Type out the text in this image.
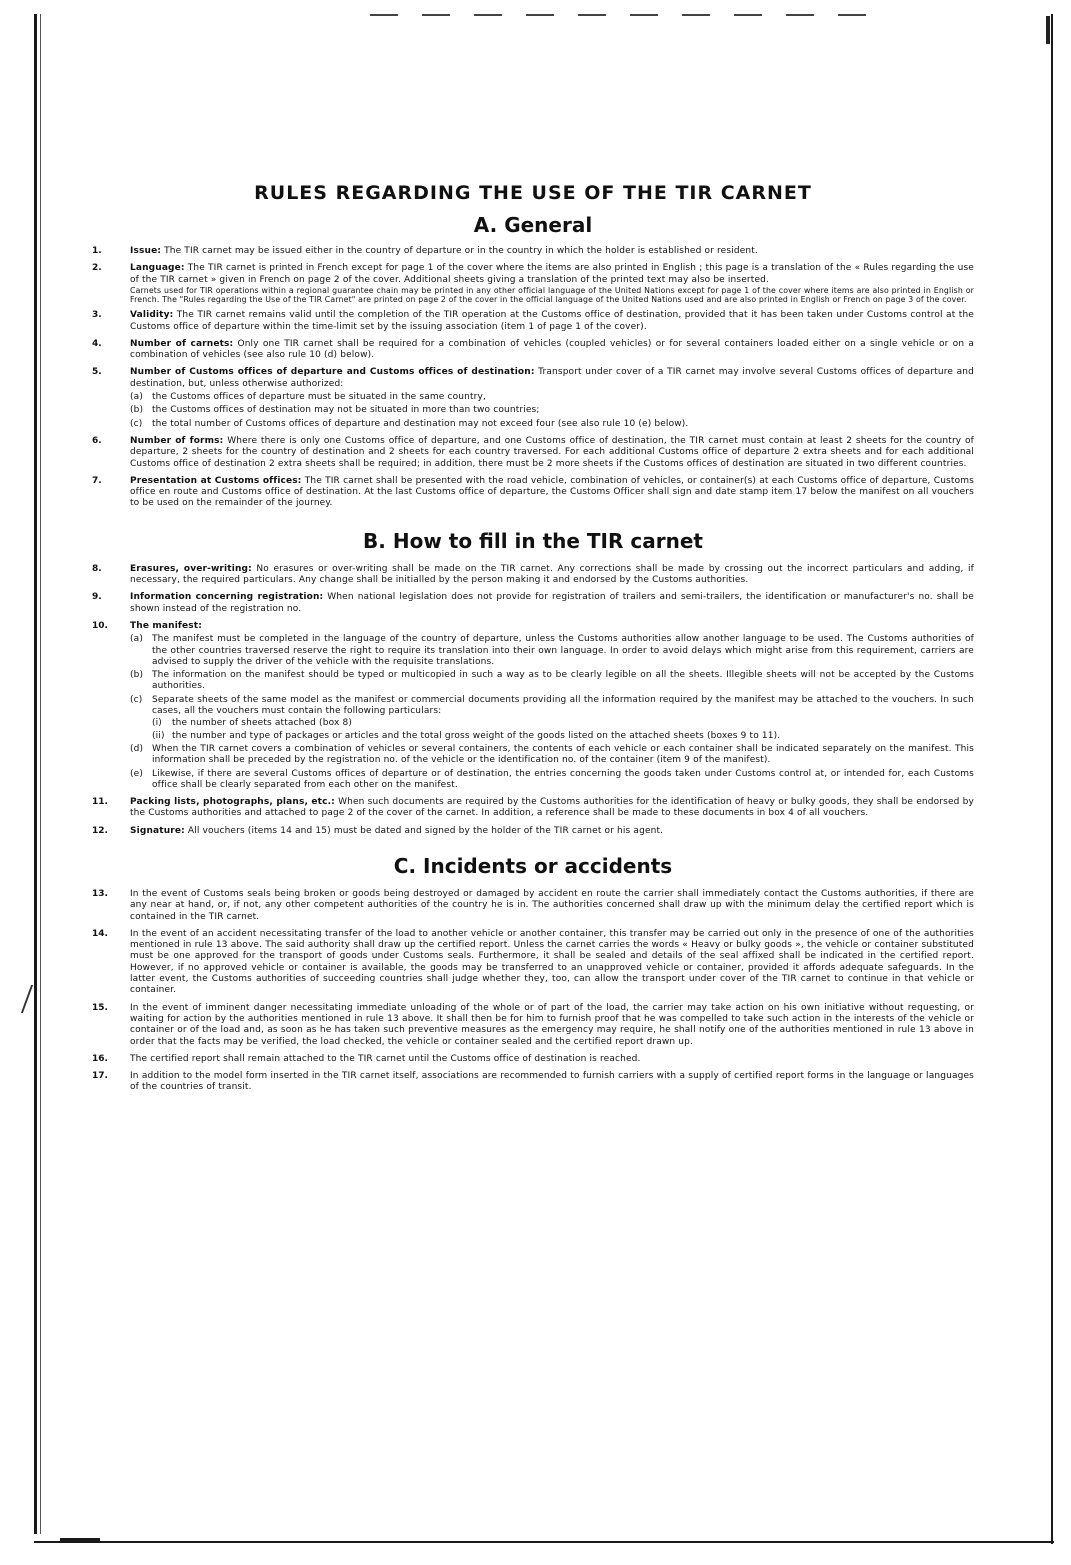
RULES REGARDING THE USE OF THE TIR CARNET
A. General
1.	Issue: The TIR carnet may be issued either in the country of departure or in the country in which the holder is established or resident.
2.	Language: The TIR carnet is printed in French except for page 1 of the cover where the items are also printed in English ; this page is a translation of the « Rules regarding the use of the TIR carnet » given in French on page 2 of the cover. Additional sheets giving a translation of the printed text may also be inserted.
Carnets used for TIR operations within a regional guarantee chain may be printed in any other official language of the United Nations except for page 1 of the cover where items are also printed in English or French. The "Rules regarding the Use of the TIR Carnet" are printed on page 2 of the cover in the official language of the United Nations used and are also printed in English or French on page 3 of the cover.
3.	Validity: The TIR carnet remains valid until the completion of the TIR operation at the Customs office of destination, provided that it has been taken under Customs control at the Customs office of departure within the time-limit set by the issuing association (item 1 of page 1 of the cover).
4.	Number of carnets: Only one TIR carnet shall be required for a combination of vehicles (coupled vehicles) or for several containers loaded either on a single vehicle or on a combination of vehicles (see also rule 10 (d) below).
5.	Number of Customs offices of departure and Customs offices of destination: Transport under cover of a TIR carnet may involve several Customs offices of departure and destination, but, unless otherwise authorized:
(a)	the Customs offices of departure must be situated in the same country,
(b) the Customs offices of destination may not be situated in more than two countries;
(c)	the total number of Customs offices of departure and destination may not exceed four (see also rule 10 (e) below).
6.	Number of forms: Where there is only one Customs office of departure, and one Customs office of destination, the TIR carnet must contain at least 2 sheets for the country of departure, 2 sheets for the country of destination and 2 sheets for each country traversed. For each additional Customs office of departure 2 extra sheets and for each additional Customs office of destination 2 extra sheets shall be required; in addition, there must be 2 more sheets if the Customs offices of destination are situated in two different countries.
7.	Presentation at Customs offices: The TIR carnet shall be presented with the road vehicle, combination of vehicles, or container(s) at each Customs office of departure, Customs office en route and Customs office of destination. At the last Customs office of departure, the Customs Officer shall sign and date stamp item 17 below the manifest on all vouchers to be used on the remainder of the journey.
B. How to fill in the TIR carnet
8.	Erasures, over-writing: No erasures or over-writing shall be made on the TIR carnet. Any corrections shall be made by crossing out the incorrect particulars and adding, if necessary, the required particulars. Any change shall be initialled by the person making it and endorsed by the Customs authorities.
9.	Information concerning registration: When national legislation does not provide for registration of trailers and semi-trailers, the identification or manufacturer's no. shall be shown instead of the registration no.
10.	The manifest:
(a)	The manifest must be completed in the language of the country of departure, unless the Customs authorities allow another language to be used. The Customs authorities of the other countries traversed reserve the right to require its translation into their own language. In order to avoid delays which might arise from this requirement, carriers are advised to supply the driver of the vehicle with the requisite translations.
(b) The information on the manifest should be typed or multicopied in such a way as to be clearly legible on all the sheets. Illegible sheets will not be accepted by the Customs authorities.
(c)	Separate sheets of the same model as the manifest or commercial documents providing all the information required by the manifest may be attached to the vouchers. In such cases, all the vouchers must contain the following particulars:
(i)	the number of sheets attached (box 8)
(ii) the number and type of packages or articles and the total gross weight of the goods listed on the attached sheets (boxes 9 to 11).
(d) When the TIR carnet covers a combination of vehicles or several containers, the contents of each vehicle or each container shall be indicated separately on the manifest. This information shall be preceded by the registration no. of the vehicle or the identification no. of the container (item 9 of the manifest).
(e) Likewise, if there are several Customs offices of departure or of destination, the entries concerning the goods taken under Customs control at, or intended for, each Customs office shall be clearly separated from each other on the manifest.
11.	Packing lists, photographs, plans, etc.: When such documents are required by the Customs authorities for the identification of heavy or bulky goods, they shall be endorsed by the Customs authorities and attached to page 2 of the cover of the carnet. In addition, a reference shall be made to these documents in box 4 of all vouchers.
12.	Signature: All vouchers (items 14 and 15) must be dated and signed by the holder of the TIR carnet or his agent.
C. Incidents or accidents
13.	In the event of Customs seals being broken or goods being destroyed or damaged by accident en route the carrier shall immediately contact the Customs authorities, if there are any near at hand, or, if not, any other competent authorities of the country he is in. The authorities concerned shall draw up with the minimum delay the certified report which is contained in the TIR carnet.
14.	In the event of an accident necessitating transfer of the load to another vehicle or another container, this transfer may be carried out only in the presence of one of the authorities mentioned in rule 13 above. The said authority shall draw up the certified report. Unless the carnet carries the words « Heavy or bulky goods », the vehicle or container substituted must be one approved for the transport of goods under Customs seals. Furthermore, it shall be sealed and details of the seal affixed shall be indicated in the certified report. However, if no approved vehicle or container is available, the goods may be transferred to an unapproved vehicle or container, provided it affords adequate safeguards. In the latter event, the Customs authorities of succeeding countries shall judge whether they, too, can allow the transport under cover of the TIR carnet to continue in that vehicle or container.
15.	In the event of imminent danger necessitating immediate unloading of the whole or of part of the load, the carrier may take action on his own initiative without requesting, or waiting for action by the authorities mentioned in rule 13 above. It shall then be for him to furnish proof that he was compelled to take such action in the interests of the vehicle or container or of the load and, as soon as he has taken such preventive measures as the emergency may require, he shall notify one of the authorities mentioned in rule 13 above in order that the facts may be verified, the load checked, the vehicle or container sealed and the certified report drawn up.
16.	The certified report shall remain attached to the TIR carnet until the Customs office of destination is reached.
17.	In addition to the model form inserted in the TIR carnet itself, associations are recommended to furnish carriers with a supply of certified report forms in the language or languages of the countries of transit.
